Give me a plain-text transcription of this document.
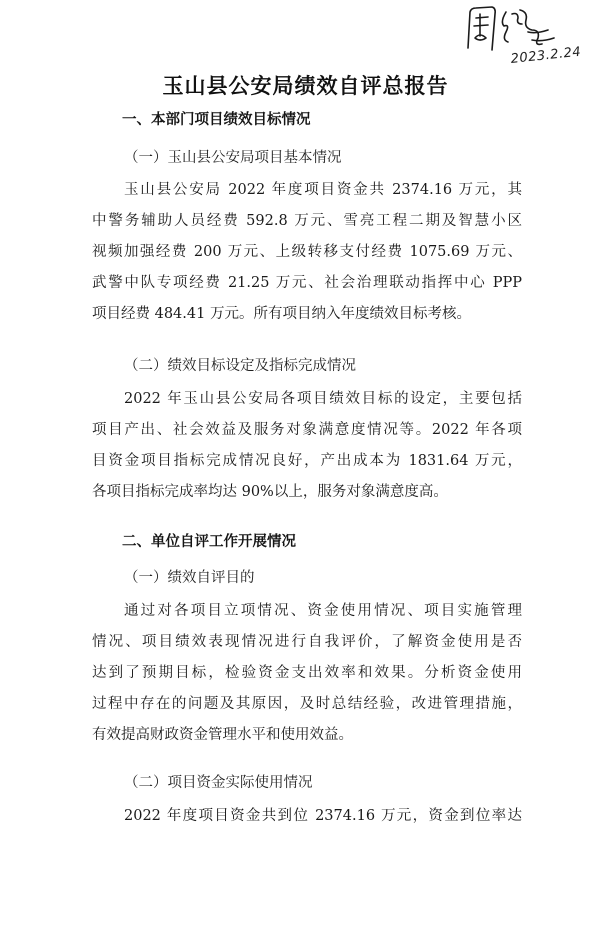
2023.2.24
玉山县公安局绩效自评总报告
一、本部门项目绩效目标情况
（一）玉山县公安局项目基本情况
玉山县公安局 2022 年度项目资金共 2374.16 万元，其
中警务辅助人员经费 592.8 万元、雪亮工程二期及智慧小区
视频加强经费 200 万元、上级转移支付经费 1075.69 万元、
武警中队专项经费 21.25 万元、社会治理联动指挥中心 PPP
项目经费 484.41 万元。所有项目纳入年度绩效目标考核。
（二）绩效目标设定及指标完成情况
2022 年玉山县公安局各项目绩效目标的设定，主要包括
项目产出、社会效益及服务对象满意度情况等。2022 年各项
目资金项目指标完成情况良好，产出成本为 1831.64 万元，
各项目指标完成率均达 90%以上，服务对象满意度高。
二、单位自评工作开展情况
（一）绩效自评目的
通过对各项目立项情况、资金使用情况、项目实施管理
情况、项目绩效表现情况进行自我评价，了解资金使用是否
达到了预期目标，检验资金支出效率和效果。分析资金使用
过程中存在的问题及其原因，及时总结经验，改进管理措施，
有效提高财政资金管理水平和使用效益。
（二）项目资金实际使用情况
2022 年度项目资金共到位 2374.16 万元，资金到位率达
